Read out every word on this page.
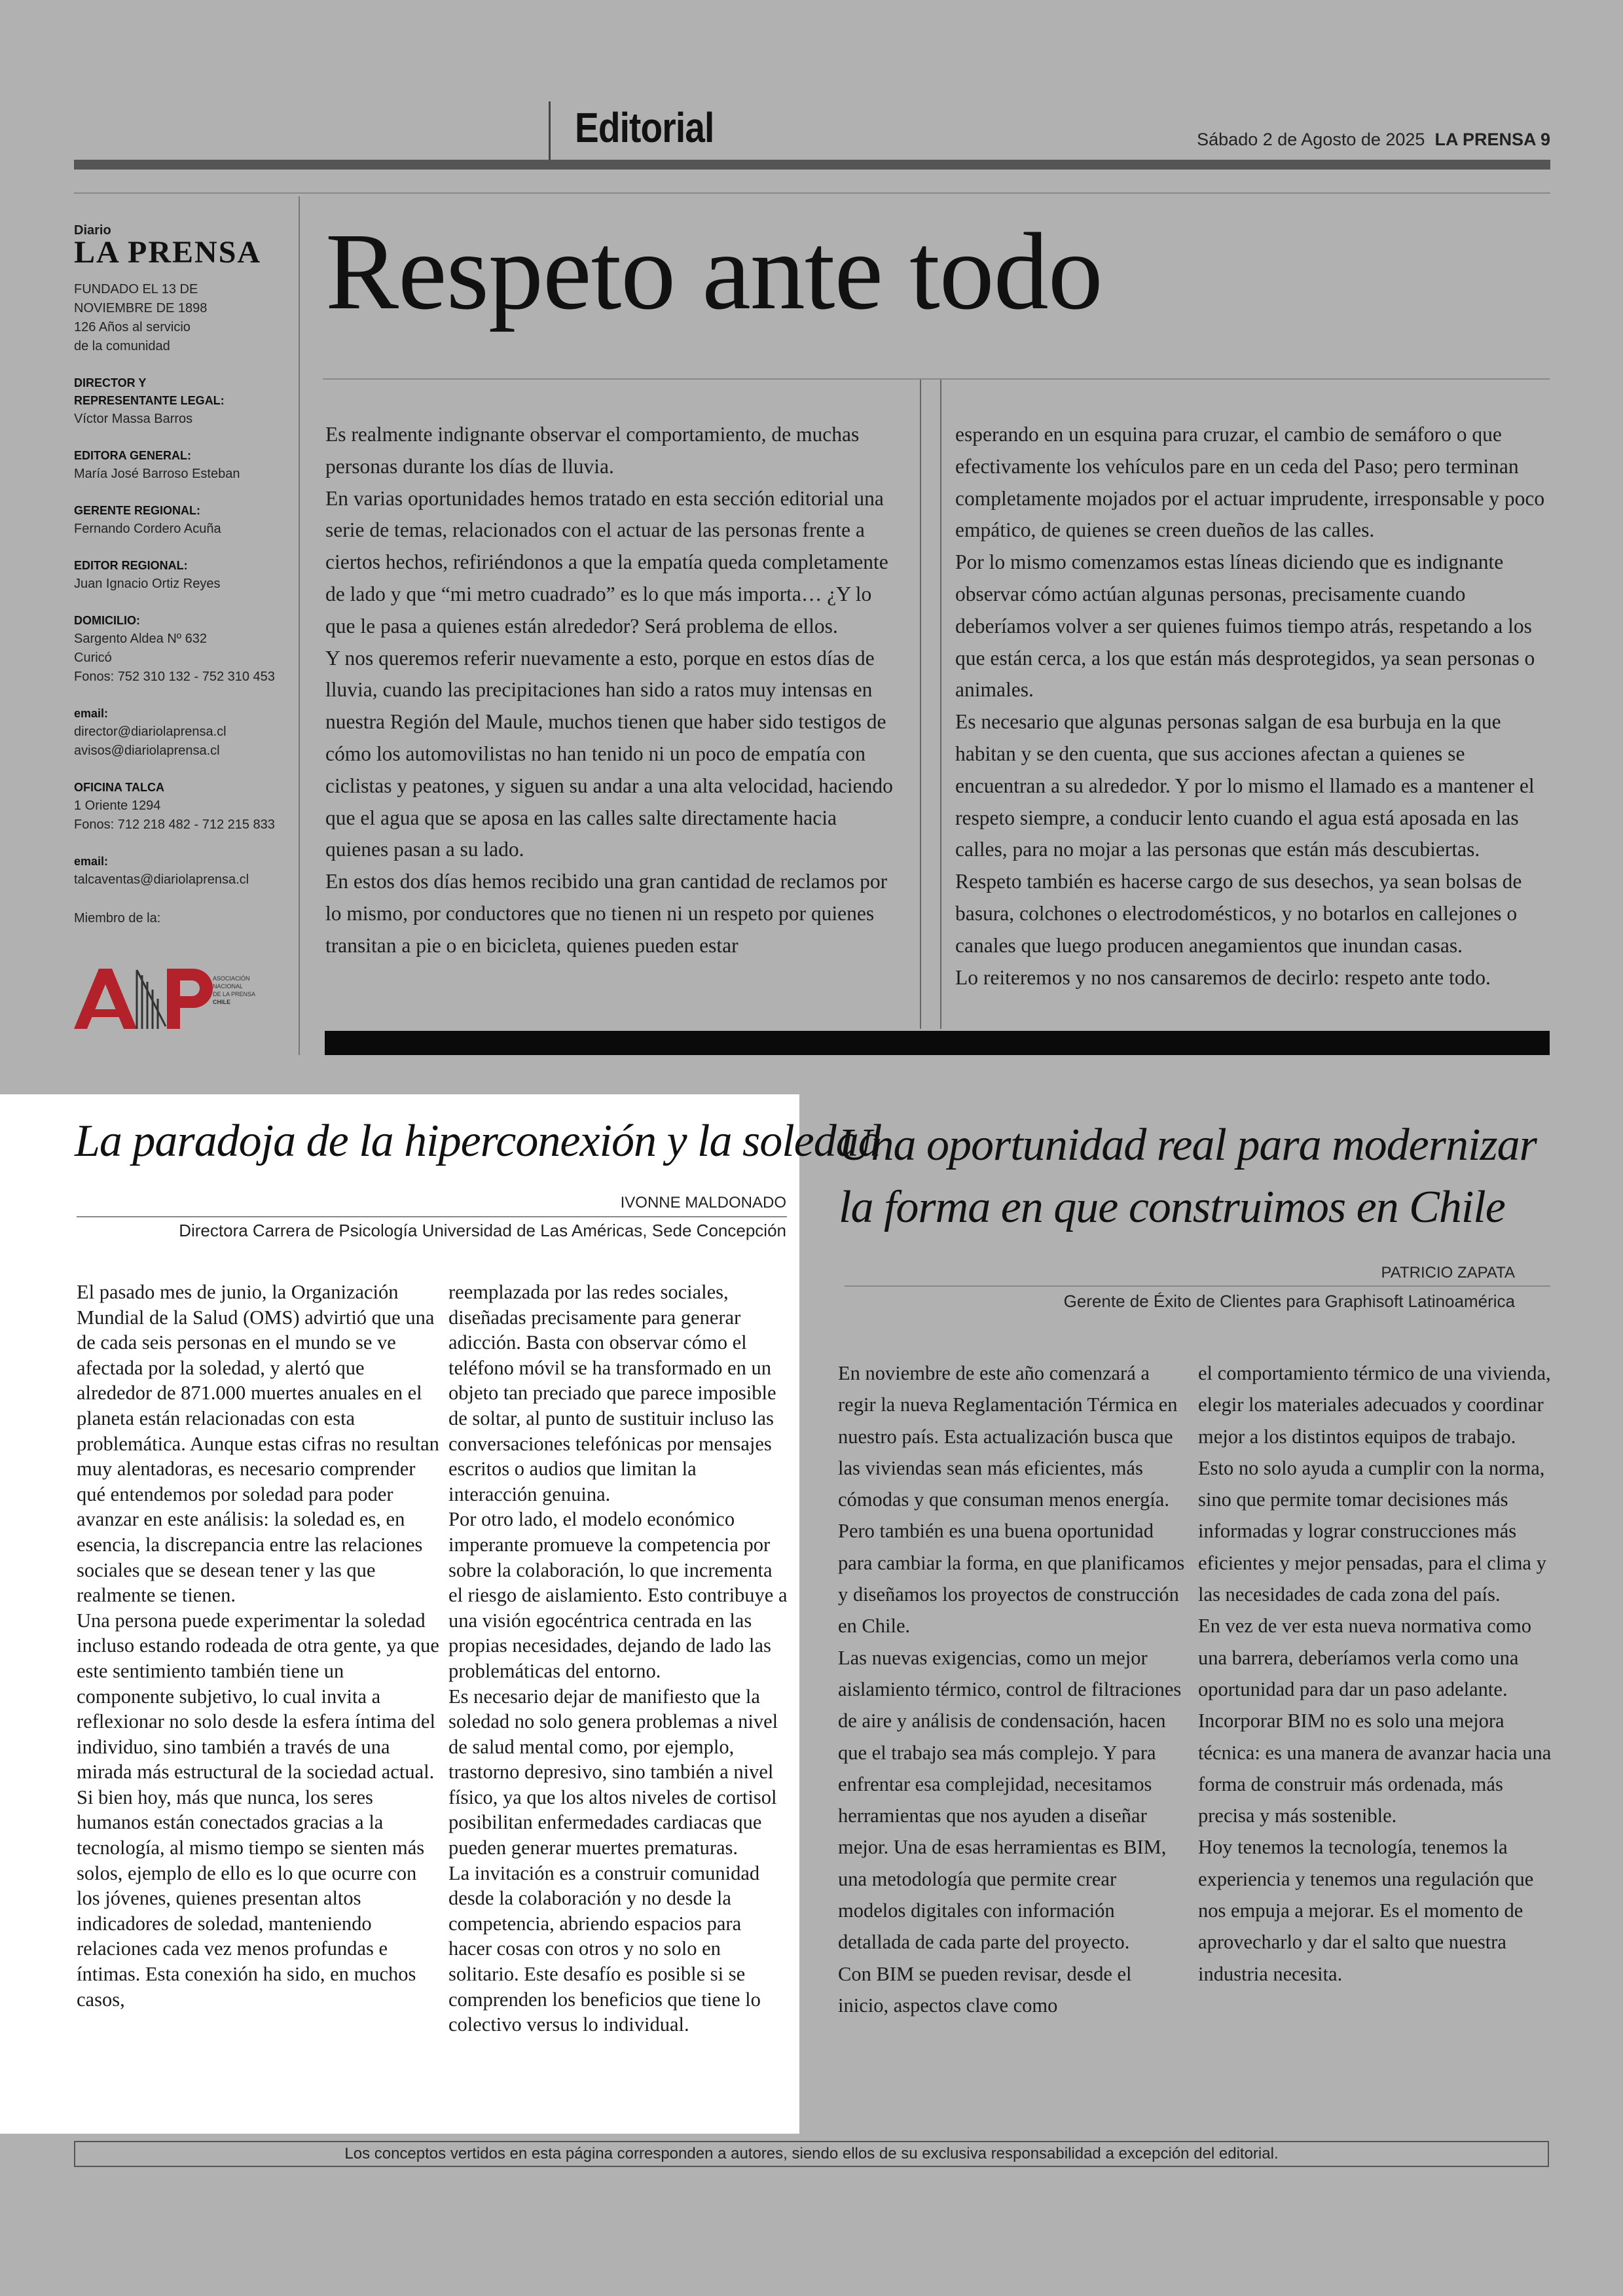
Editorial	Sábado 2 de Agosto de 2025 LA PRENSA 9
Diario
LA PRENSA
FUNDADO EL 13 DE
NOVIEMBRE DE 1898
126 Años al servicio
de la comunidad
DIRECTOR Y
REPRESENTANTE LEGAL:
Víctor Massa Barros
EDITORA GENERAL:
María José Barroso Esteban
GERENTE REGIONAL:
Fernando Cordero Acuña
EDITOR REGIONAL:
Juan Ignacio Ortiz Reyes
DOMICILIO:
Sargento Aldea Nº 632
Curicó
Fonos: 752 310 132 - 752 310 453
email:
director@diariolaprensa.cl
avisos@diariolaprensa.cl
OFICINA TALCA
1 Oriente 1294
Fonos: 712 218 482 - 712 215 833
email:
talcaventas@diariolaprensa.cl
Miembro de la:
ASOCIACIÓN
NACIONAL
DE LA PRENSA
CHILE
Respeto ante todo

Es realmente indignante observar el comportamiento, de muchas personas durante los días de lluvia.

En varias oportunidades hemos tratado en esta sección editorial una serie de temas, relacionados con el actuar de las personas frente a ciertos hechos, refiriéndonos a que la empatía queda completamente de lado y que “mi metro cuadrado” es lo que más importa… ¿Y lo que le pasa a quienes están alrededor? Será problema de ellos.

Y nos queremos referir nuevamente a esto, porque en estos días de lluvia, cuando las precipitaciones han sido a ratos muy intensas en nuestra Región del Maule, muchos tienen que haber sido testigos de cómo los automovilistas no han tenido ni un poco de empatía con ciclistas y peatones, y siguen su andar a una alta velocidad, haciendo que el agua que se aposa en las calles salte directamente hacia quienes pasan a su lado.

En estos dos días hemos recibido una gran cantidad de reclamos por lo mismo, por conductores que no tienen ni un respeto por quienes transitan a pie o en bicicleta, quienes pueden estar

esperando en un esquina para cruzar, el cambio de semáforo o que efectivamente los vehículos pare en un ceda del Paso; pero terminan completamente mojados por el actuar imprudente, irresponsable y poco empático, de quienes se creen dueños de las calles.

Por lo mismo comenzamos estas líneas diciendo que es indignante observar cómo actúan algunas personas, precisamente cuando deberíamos volver a ser quienes fuimos tiempo atrás, respetando a los que están cerca, a los que están más desprotegidos, ya sean personas o animales.

Es necesario que algunas personas salgan de esa burbuja en la que habitan y se den cuenta, que sus acciones afectan a quienes se encuentran a su alrededor. Y por lo mismo el llamado es a mantener el respeto siempre, a conducir lento cuando el agua está aposada en las calles, para no mojar a las personas que están más descubiertas.

Respeto también es hacerse cargo de sus desechos, ya sean bolsas de basura, colchones o electrodomésticos, y no botarlos en callejones o canales que luego producen anegamientos que inundan casas.

Lo reiteremos y no nos cansaremos de decirlo: respeto ante todo.

La paradoja de la hiperconexión y la soledad
IVONNE MALDONADO
Directora Carrera de Psicología Universidad de Las Américas, Sede Concepción

El pasado mes de junio, la Organización Mundial de la Salud (OMS) advirtió que una de cada seis personas en el mundo se ve afectada por la soledad, y alertó que alrededor de 871.000 muertes anuales en el planeta están relacionadas con esta problemática. Aunque estas cifras no resultan muy alentadoras, es necesario comprender qué entendemos por soledad para poder avanzar en este análisis: la soledad es, en esencia, la discrepancia entre las relaciones sociales que se desean tener y las que realmente se tienen.

Una persona puede experimentar la soledad incluso estando rodeada de otra gente, ya que este sentimiento también tiene un componente subjetivo, lo cual invita a reflexionar no solo desde la esfera íntima del individuo, sino también a través de una mirada más estructural de la sociedad actual.

Si bien hoy, más que nunca, los seres humanos están conectados gracias a la tecnología, al mismo tiempo se sienten más solos, ejemplo de ello es lo que ocurre con los jóvenes, quienes presentan altos indicadores de soledad, manteniendo relaciones cada vez menos profundas e íntimas. Esta conexión ha sido, en muchos casos,

reemplazada por las redes sociales, diseñadas precisamente para generar adicción. Basta con observar cómo el teléfono móvil se ha transformado en un objeto tan preciado que parece imposible de soltar, al punto de sustituir incluso las conversaciones telefónicas por mensajes escritos o audios que limitan la interacción genuina.

Por otro lado, el modelo económico imperante promueve la competencia por sobre la colaboración, lo que incrementa el riesgo de aislamiento. Esto contribuye a una visión egocéntrica centrada en las propias necesidades, dejando de lado las problemáticas del entorno.

Es necesario dejar de manifiesto que la soledad no solo genera problemas a nivel de salud mental como, por ejemplo, trastorno depresivo, sino también a nivel físico, ya que los altos niveles de cortisol posibilitan enfermedades cardiacas que pueden generar muertes prematuras.

La invitación es a construir comunidad desde la colaboración y no desde la competencia, abriendo espacios para hacer cosas con otros y no solo en solitario. Este desafío es posible si se comprenden los beneficios que tiene lo colectivo versus lo individual.

Una oportunidad real para modernizar la forma en que construimos en Chile
PATRICIO ZAPATA
Gerente de Éxito de Clientes para Graphisoft Latinoamérica

En noviembre de este año comenzará a regir la nueva Reglamentación Térmica en nuestro país. Esta actualización busca que las viviendas sean más eficientes, más cómodas y que consuman menos energía. Pero también es una buena oportunidad para cambiar la forma, en que planificamos y diseñamos los proyectos de construcción en Chile.

Las nuevas exigencias, como un mejor aislamiento térmico, control de filtraciones de aire y análisis de condensación, hacen que el trabajo sea más complejo. Y para enfrentar esa complejidad, necesitamos herramientas que nos ayuden a diseñar mejor. Una de esas herramientas es BIM, una metodología que permite crear modelos digitales con información detallada de cada parte del proyecto.

Con BIM se pueden revisar, desde el inicio, aspectos clave como

el comportamiento térmico de una vivienda, elegir los materiales adecuados y coordinar mejor a los distintos equipos de trabajo. Esto no solo ayuda a cumplir con la norma, sino que permite tomar decisiones más informadas y lograr construcciones más eficientes y mejor pensadas, para el clima y las necesidades de cada zona del país.

En vez de ver esta nueva normativa como una barrera, deberíamos verla como una oportunidad para dar un paso adelante. Incorporar BIM no es solo una mejora técnica: es una manera de avanzar hacia una forma de construir más ordenada, más precisa y más sostenible.

Hoy tenemos la tecnología, tenemos la experiencia y tenemos una regulación que nos empuja a mejorar. Es el momento de aprovecharlo y dar el salto que nuestra industria necesita.

Los conceptos vertidos en esta página corresponden a autores, siendo ellos de su exclusiva responsabilidad a excepción del editorial.
